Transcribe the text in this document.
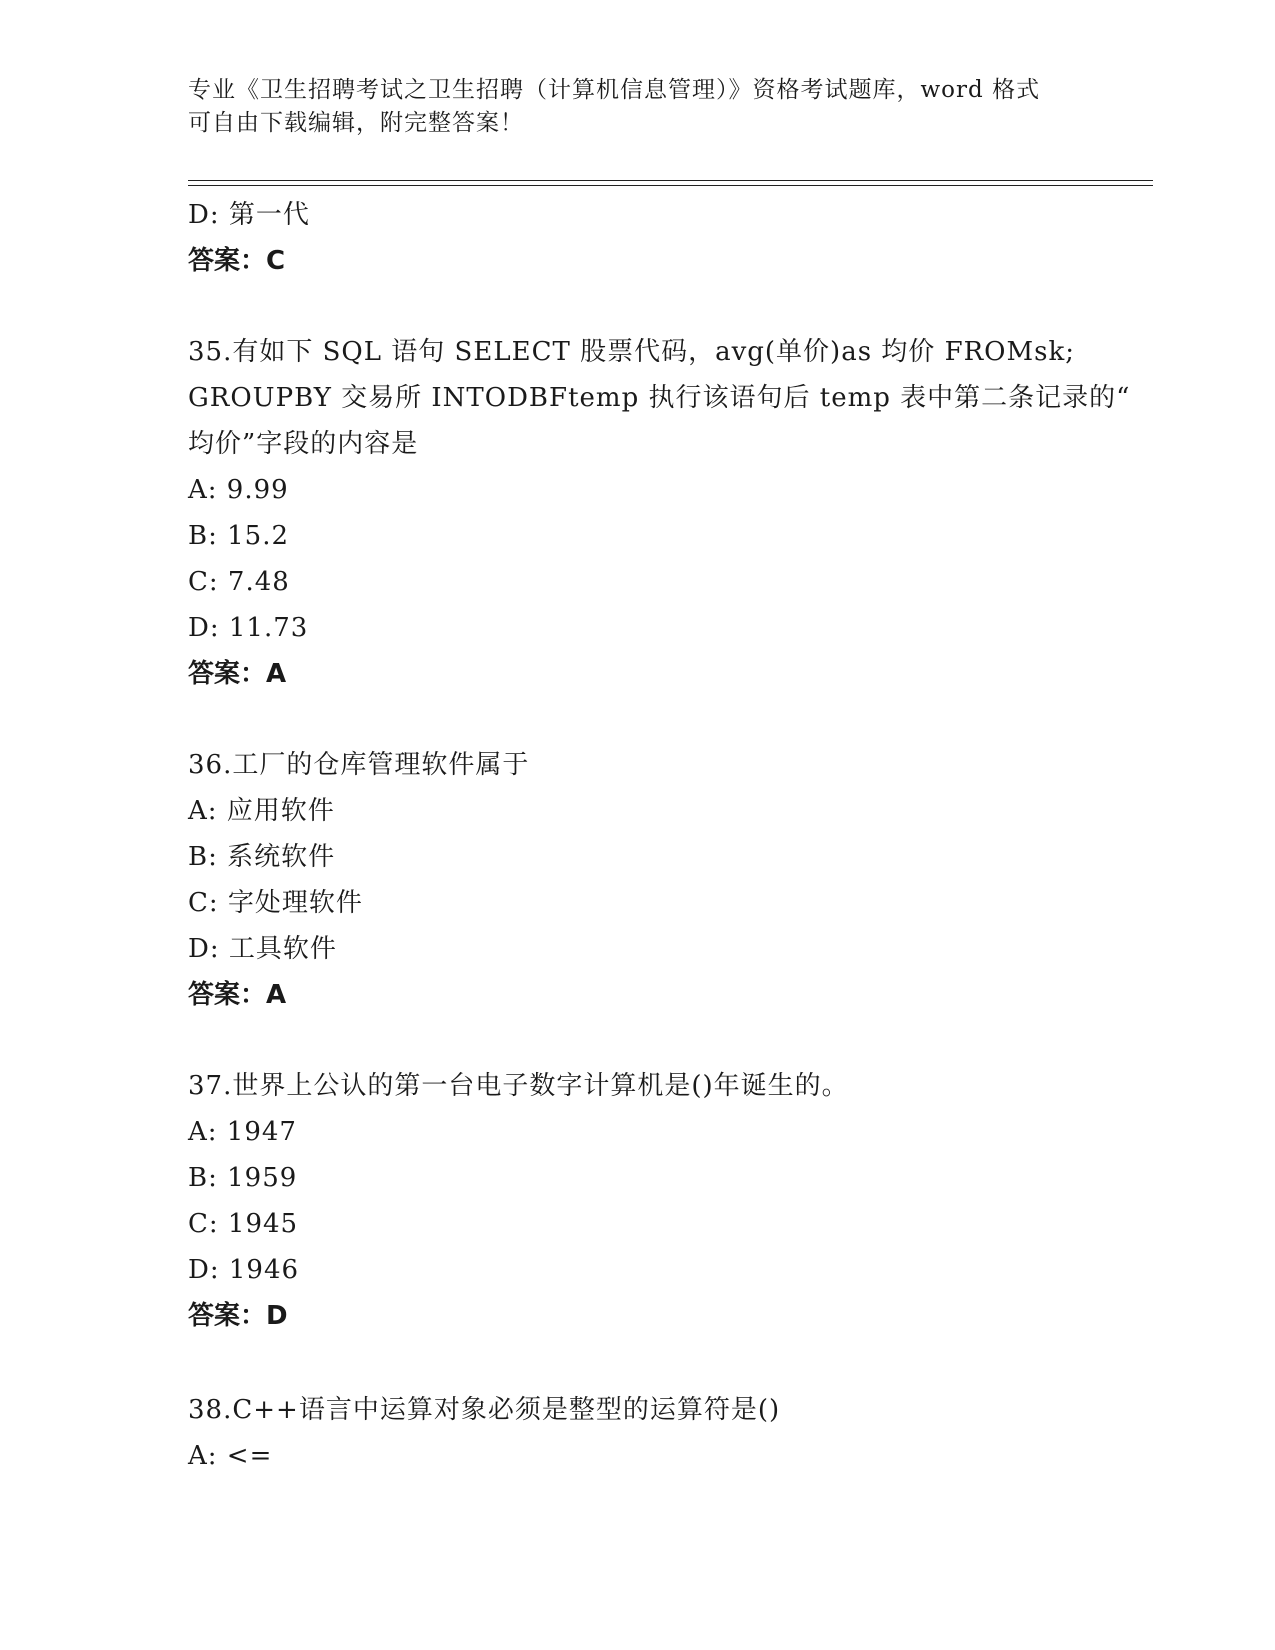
专业《卫生招聘考试之卫生招聘（计算机信息管理）》资格考试题库，word 格式
可自由下载编辑，附完整答案！
D: 第一代
答案：C
35.有如下 SQL 语句 SELECT 股票代码，avg(单价)as 均价 FROMsk;
GROUPBY 交易所 INTODBFtemp 执行该语句后 temp 表中第二条记录的“
均价”字段的内容是
A: 9.99
B: 15.2
C: 7.48
D: 11.73
答案：A
36.工厂的仓库管理软件属于
A: 应用软件
B: 系统软件
C: 字处理软件
D: 工具软件
答案：A
37.世界上公认的第一台电子数字计算机是()年诞生的。
A: 1947
B: 1959
C: 1945
D: 1946
答案：D
38.C++语言中运算对象必须是整型的运算符是()
A: <=
